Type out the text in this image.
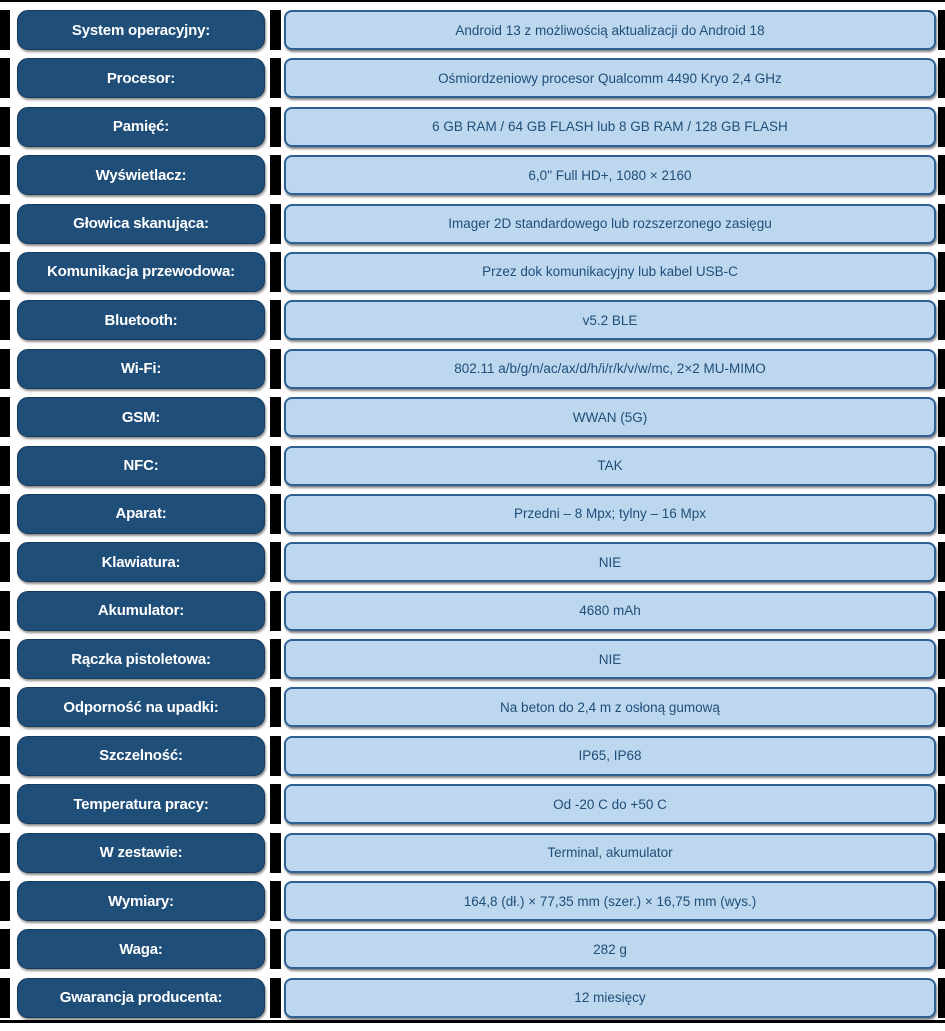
System operacyjny:	Android 13 z możliwością aktualizacji do Android 18
Procesor:	Ośmiordzeniowy procesor Qualcomm 4490 Kryo 2,4 GHz
Pamięć:	6 GB RAM / 64 GB FLASH lub 8 GB RAM / 128 GB FLASH
Wyświetlacz:	6,0" Full HD+, 1080 × 2160
Głowica skanująca:	Imager 2D standardowego lub rozszerzonego zasięgu
Komunikacja przewodowa:	Przez dok komunikacyjny lub kabel USB-C
Bluetooth:	v5.2 BLE
Wi-Fi:	802.11 a/b/g/n/ac/ax/d/h/i/r/k/v/w/mc, 2×2 MU-MIMO
GSM:	WWAN (5G)
NFC:	TAK
Aparat:	Przedni – 8 Mpx; tylny – 16 Mpx
Klawiatura:	NIE
Akumulator:	4680 mAh
Rączka pistoletowa:	NIE
Odporność na upadki:	Na beton do 2,4 m z osłoną gumową
Szczelność:	IP65, IP68
Temperatura pracy:	Od -20 C do +50 C
W zestawie:	Terminal, akumulator
Wymiary:	164,8 (dł.) × 77,35 mm (szer.) × 16,75 mm (wys.)
Waga:	282 g
Gwarancja producenta:	12 miesięcy
